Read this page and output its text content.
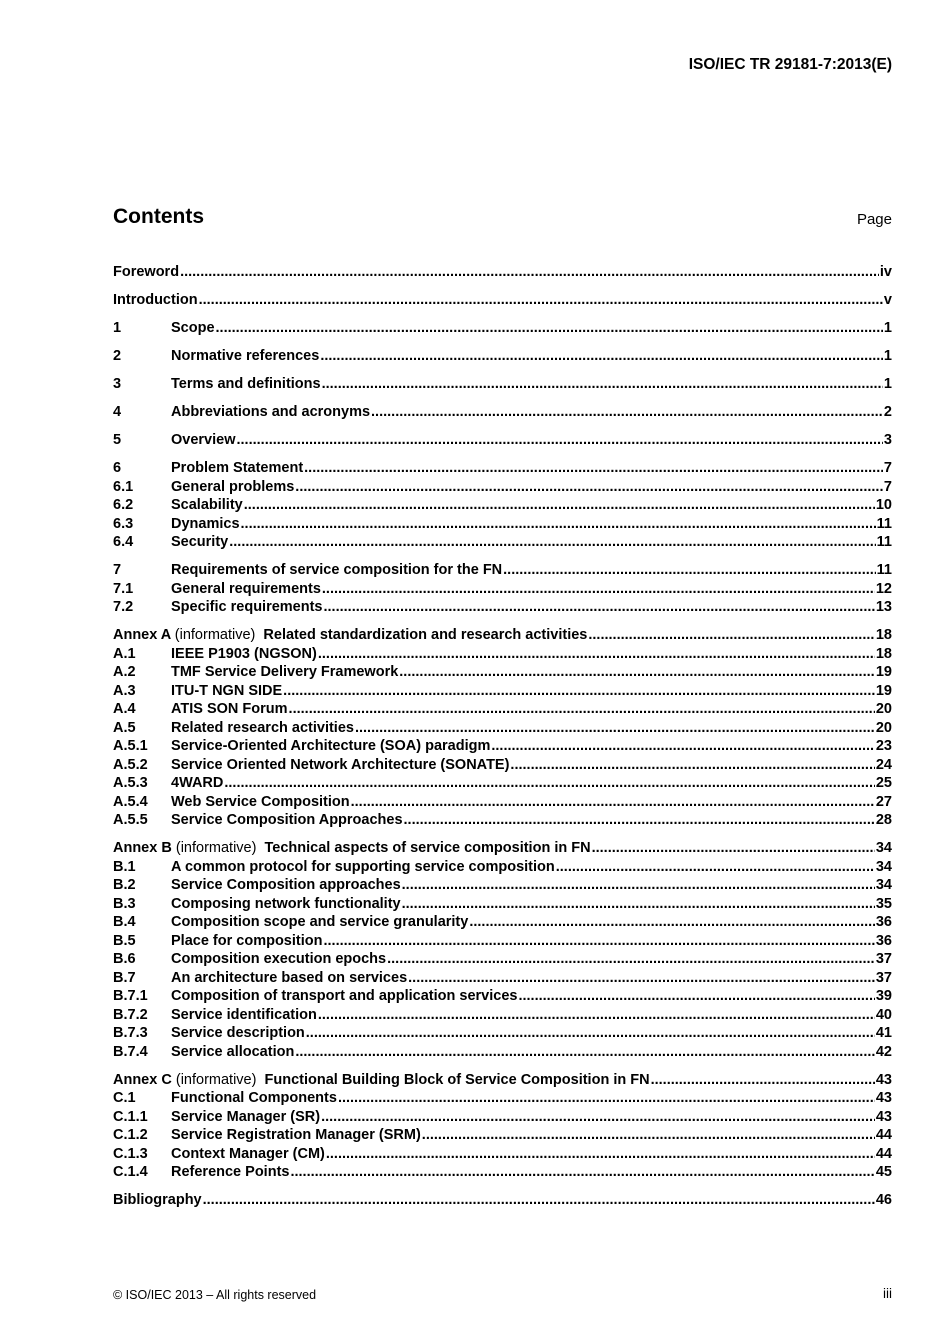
ISO/IEC TR 29181-7:2013(E)
Contents	Page
Foreword .....	iv
Introduction .....	v
1	Scope .....	1
2	Normative references .....	1
3	Terms and definitions .....	1
4	Abbreviations and acronyms .....	2
5	Overview .....	3
6	Problem Statement .....	7
6.1	General problems .....	7
6.2	Scalability .....	10
6.3	Dynamics .....	11
6.4	Security .....	11
7	Requirements of service composition for the FN .....	11
7.1	General requirements .....	12
7.2	Specific requirements .....	13
Annex A (informative) Related standardization and research activities .....	18
A.1	IEEE P1903 (NGSON) .....	18
A.2	TMF Service Delivery Framework .....	19
A.3	ITU-T NGN SIDE .....	19
A.4	ATIS SON Forum .....	20
A.5	Related research activities .....	20
A.5.1	Service-Oriented Architecture (SOA) paradigm .....	23
A.5.2	Service Oriented Network Architecture (SONATE) .....	24
A.5.3	4WARD .....	25
A.5.4	Web Service Composition .....	27
A.5.5	Service Composition Approaches .....	28
Annex B (informative) Technical aspects of service composition in FN .....	34
B.1	A common protocol for supporting service composition .....	34
B.2	Service Composition approaches .....	34
B.3	Composing network functionality .....	35
B.4	Composition scope and service granularity .....	36
B.5	Place for composition .....	36
B.6	Composition execution epochs .....	37
B.7	An architecture based on services .....	37
B.7.1	Composition of transport and application services .....	39
B.7.2	Service identification .....	40
B.7.3	Service description .....	41
B.7.4	Service allocation .....	42
Annex C (informative) Functional Building Block of Service Composition in FN .....	43
C.1	Functional Components .....	43
C.1.1	Service Manager (SR) .....	43
C.1.2	Service Registration Manager (SRM) .....	44
C.1.3	Context Manager (CM) .....	44
C.1.4	Reference Points .....	45
Bibliography .....	46
© ISO/IEC 2013 – All rights reserved	iii
